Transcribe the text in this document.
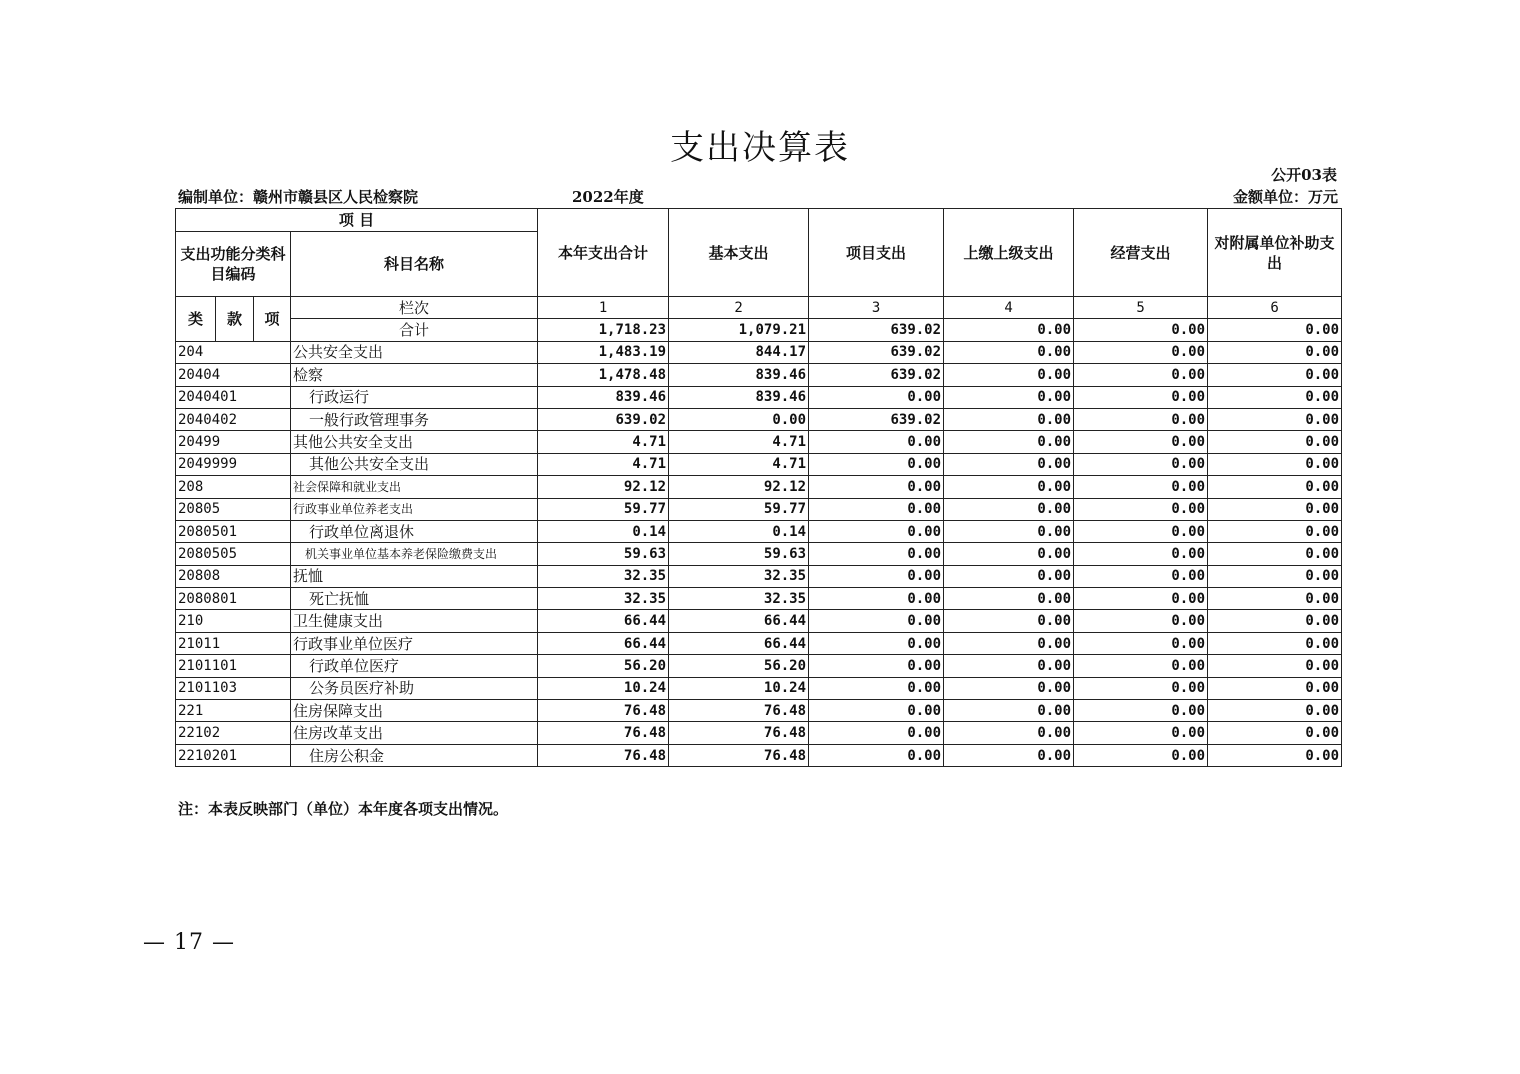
支出决算表
公开03表
编制单位：赣州市赣县区人民检察院	2022年度	金额单位：万元
项 目				本年支出合计	基本支出	项目支出	上缴上级支出	经营支出	对附属单位补助支出
支出功能分类科目编码			科目名称						
类	款	项	栏次	1	2	3	4	5	6
			合计	1,718.23	1,079.21	639.02	0.00	0.00	0.00
204			公共安全支出	1,483.19	844.17	639.02	0.00	0.00	0.00
20404			检察	1,478.48	839.46	639.02	0.00	0.00	0.00
2040401			行政运行	839.46	839.46	0.00	0.00	0.00	0.00
2040402			一般行政管理事务	639.02	0.00	639.02	0.00	0.00	0.00
20499			其他公共安全支出	4.71	4.71	0.00	0.00	0.00	0.00
2049999			其他公共安全支出	4.71	4.71	0.00	0.00	0.00	0.00
208			社会保障和就业支出	92.12	92.12	0.00	0.00	0.00	0.00
20805			行政事业单位养老支出	59.77	59.77	0.00	0.00	0.00	0.00
2080501			行政单位离退休	0.14	0.14	0.00	0.00	0.00	0.00
2080505			机关事业单位基本养老保险缴费支出	59.63	59.63	0.00	0.00	0.00	0.00
20808			抚恤	32.35	32.35	0.00	0.00	0.00	0.00
2080801			死亡抚恤	32.35	32.35	0.00	0.00	0.00	0.00
210			卫生健康支出	66.44	66.44	0.00	0.00	0.00	0.00
21011			行政事业单位医疗	66.44	66.44	0.00	0.00	0.00	0.00
2101101			行政单位医疗	56.20	56.20	0.00	0.00	0.00	0.00
2101103			公务员医疗补助	10.24	10.24	0.00	0.00	0.00	0.00
221			住房保障支出	76.48	76.48	0.00	0.00	0.00	0.00
22102			住房改革支出	76.48	76.48	0.00	0.00	0.00	0.00
2210201			住房公积金	76.48	76.48	0.00	0.00	0.00	0.00
注：本表反映部门（单位）本年度各项支出情况。
— 17 —
